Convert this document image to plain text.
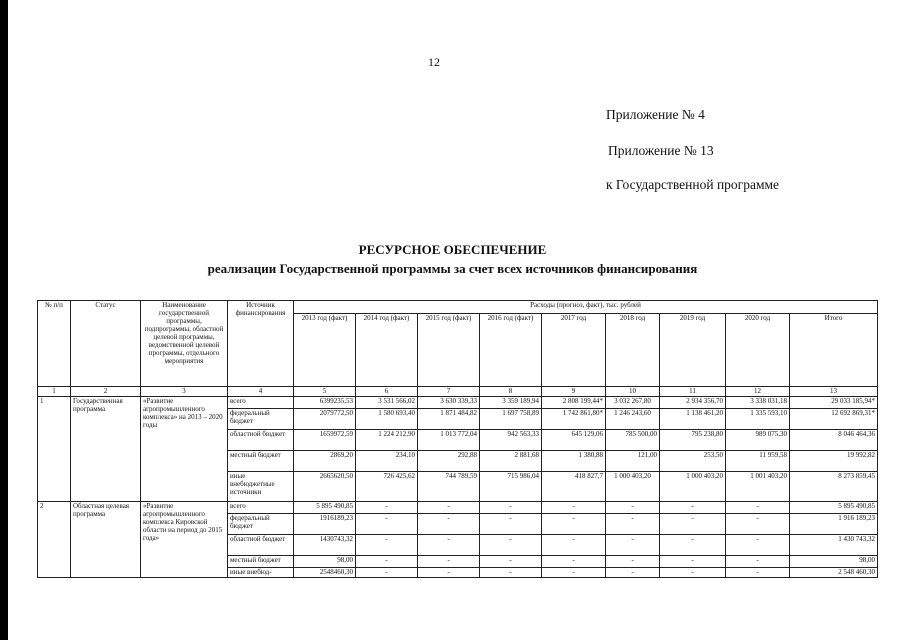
12
Приложение № 4
Приложение № 13
к Государственной программе
РЕСУРСНОЕ ОБЕСПЕЧЕНИЕ
реализации Государственной программы за счет всех источников финансирования
№ п/п	Статус	Наименование государственной программы, подпрограммы, областной целевой программы, ведомственной целевой программы, отдельного мероприятия	Источник финансирования	Расходы (прогноз, факт), тыс. рублей								
				2013 год (факт)	2014 год (факт)	2015 год (факт)	2016 год (факт)	2017 год	2018 год	2019 год	2020 год	Итого
1	2	3	4	5	6	7	8	9	10	11	12	13
1	Государственная программа	«Развитие агропромышленного комплекса» на 2013 – 2020 годы	всего	6399235,53	3 531 566,02	3 630 339,33	3 359 189,94	2 808 199,44*	3 032 267,80	2 934 356,70	3 338 031,18	29 033 185,94*
			федеральный бюджет	2079772,50	1 580 693,40	1 871 484,82	1 697 758,89	1 742 861,80*	1 246 243,60	1 138 461,20	1 335 593,10	12 692 869,31*
			областной бюджет	1659972,59	1 224 212,90	1 013 772,04	942 563,33	645 129,06	785 500,00	795 238,80	989 075,30	8 046 464,36
			местный бюджет	2869,20	234,10	292,88	2 881,68	1 380,88	121,00	253,50	11 959,58	19 992,82
			иные внебюджетные источники	2665620,50	726 425,62	744 789,59	715 986,04	418 827,7	1 000 403,20	1 000 403,20	1 001 403,20	8 273 859,45
2	Областная целевая программа	«Развитие агропромышленного комплекса Кировской области на период до 2015 года»	всего	5 895 490,85	-	-	-	-	-	-	-	5 895 490,85
			федеральный бюджет	1916189,23	-	-	-	-	-	-	-	1 916 189,23
			областной бюджет	1430743,32	-	-	-	-	-	-	-	1 430 743,32
			местный бюджет	98,00	-	-	-	-	-	-	-	98,00
			иные внебюд-	2548460,30	-	-	-	-	-	-	-	2 548 460,30
